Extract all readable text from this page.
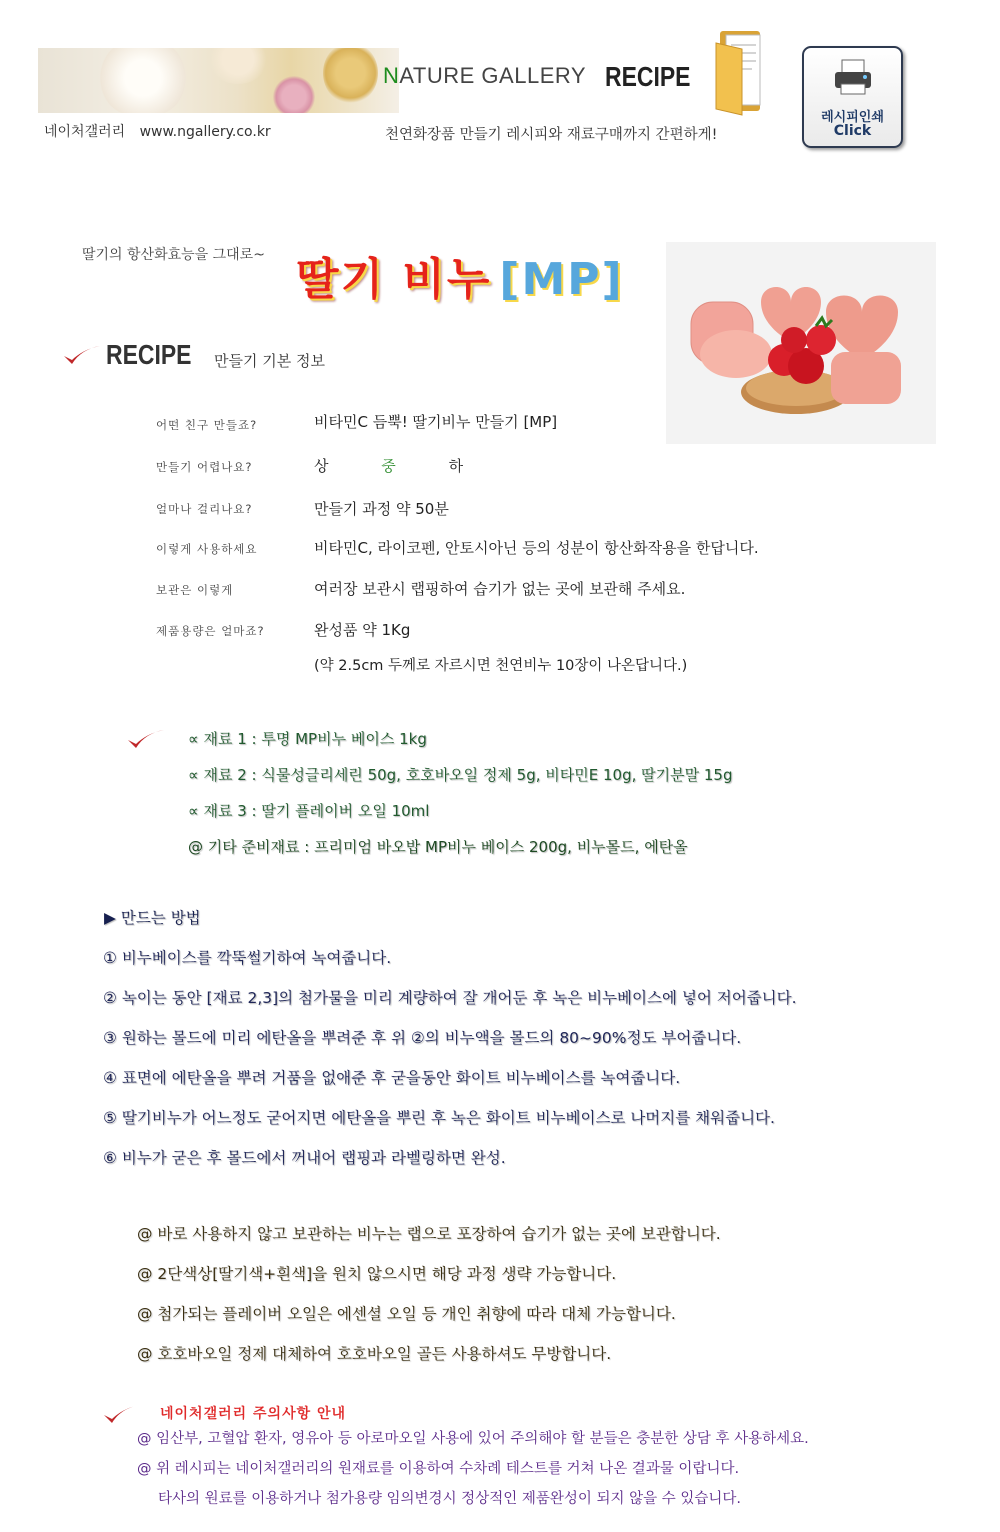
네이처갤러리 www.ngallery.co.kr
NATURE GALLERY RECIPE
천연화장품 만들기 레시피와 재료구매까지 간편하게!
레시피인쇄
Click
딸기의 항산화효능을 그대로~ 딸기 비누 [MP]
RECIPE 만들기 기본 정보
어떤 친구 만들죠?	비타민C 듬뿍! 딸기비누 만들기 [MP]
만들기 어렵나요?	상	중	하
얼마나 걸리나요?	만들기 과정 약 50분
이렇게 사용하세요	비타민C, 라이코펜, 안토시아닌 등의 성분이 항산화작용을 한답니다.
보관은 이렇게	여러장 보관시 랩핑하여 습기가 없는 곳에 보관해 주세요.
제품용량은 얼마죠?	완성품 약 1Kg
(약 2.5cm 두께로 자르시면 천연비누 10장이 나온답니다.)
∝ 재료 1 : 투명 MP비누 베이스 1kg
∝ 재료 2 : 식물성글리세린 50g, 호호바오일 정제 5g, 비타민E 10g, 딸기분말 15g
∝ 재료 3 : 딸기 플레이버 오일 10ml
@ 기타 준비재료 : 프리미엄 바오밥 MP비누 베이스 200g, 비누몰드, 에탄올
▶ 만드는 방법
① 비누베이스를 깍뚝썰기하여 녹여줍니다.
② 녹이는 동안 [재료 2,3]의 첨가물을 미리 계량하여 잘 개어둔 후 녹은 비누베이스에 넣어 저어줍니다.
③ 원하는 몰드에 미리 에탄올을 뿌려준 후 위 ②의 비누액을 몰드의 80~90%정도 부어줍니다.
④ 표면에 에탄올을 뿌려 거품을 없애준 후 굳을동안 화이트 비누베이스를 녹여줍니다.
⑤ 딸기비누가 어느정도 굳어지면 에탄올을 뿌린 후 녹은 화이트 비누베이스로 나머지를 채워줍니다.
⑥ 비누가 굳은 후 몰드에서 꺼내어 랩핑과 라벨링하면 완성.
@ 바로 사용하지 않고 보관하는 비누는 랩으로 포장하여 습기가 없는 곳에 보관합니다.
@ 2단색상[딸기색+흰색]을 원치 않으시면 해당 과정 생략 가능합니다.
@ 첨가되는 플레이버 오일은 에센셜 오일 등 개인 취향에 따라 대체 가능합니다.
@ 호호바오일 정제 대체하여 호호바오일 골든 사용하셔도 무방합니다.
네이처갤러리 주의사항 안내
@ 임산부, 고혈압 환자, 영유아 등 아로마오일 사용에 있어 주의해야 할 분들은 충분한 상담 후 사용하세요.
@ 위 레시피는 네이처갤러리의 원재료를 이용하여 수차례 테스트를 거쳐 나온 결과물 이랍니다.
타사의 원료를 이용하거나 첨가용량 임의변경시 정상적인 제품완성이 되지 않을 수 있습니다.
